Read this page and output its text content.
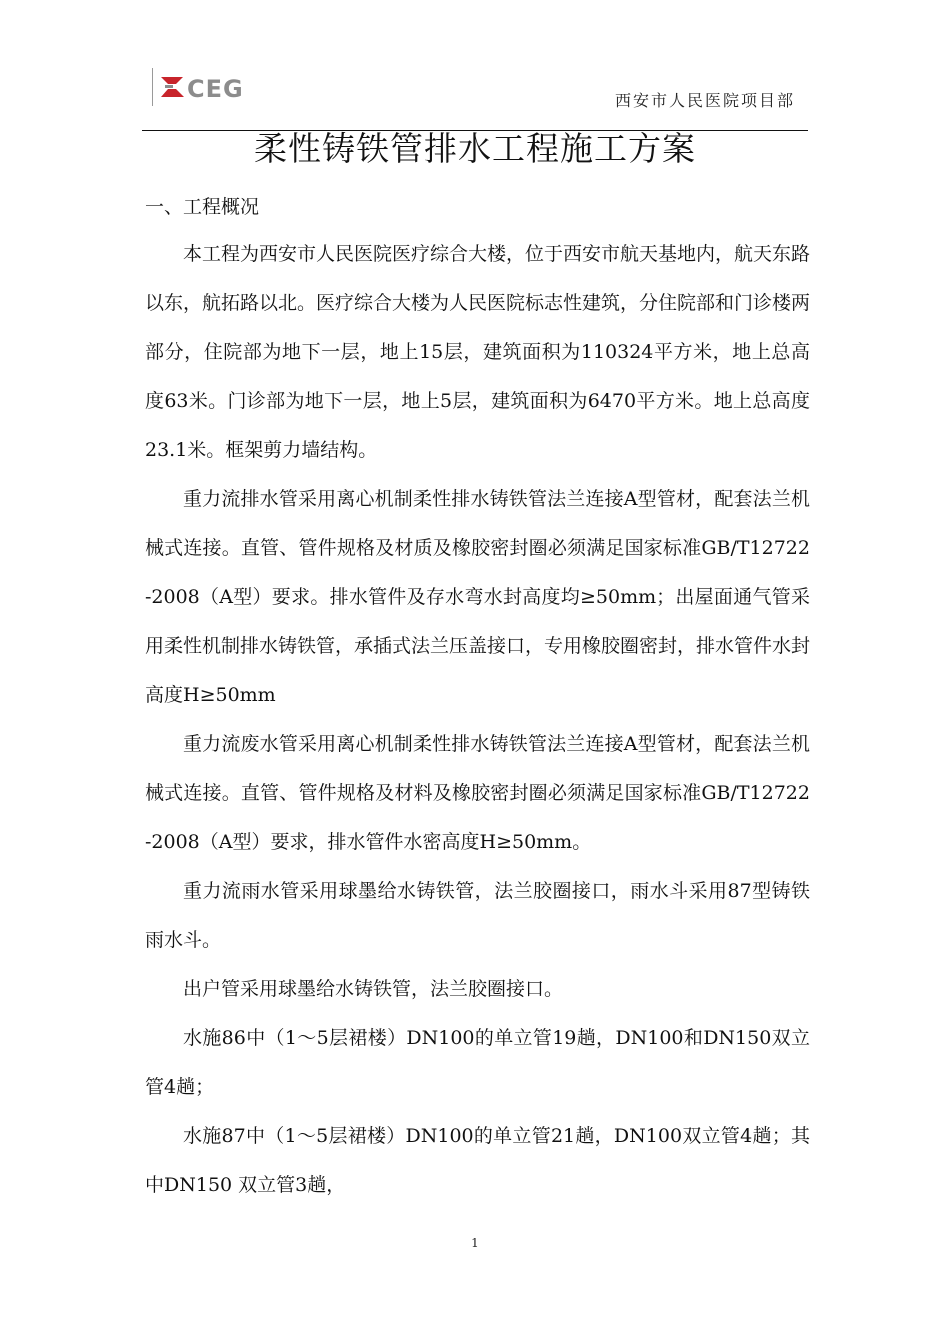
CEG	西安市人民医院项目部
柔性铸铁管排水工程施工方案
一、工程概况

本工程为西安市人民医院医疗综合大楼，位于西安市航天基地内，航天东路以东，航拓路以北。医疗综合大楼为人民医院标志性建筑，分住院部和门诊楼两部分，住院部为地下一层，地上15层，建筑面积为110324平方米，地上总高度63米。门诊部为地下一层，地上5层，建筑面积为6470平方米。地上总高度23.1米。框架剪力墙结构。

重力流排水管采用离心机制柔性排水铸铁管法兰连接A型管材，配套法兰机械式连接。直管、管件规格及材质及橡胶密封圈必须满足国家标准GB/T12722-2008（A型）要求。排水管件及存水弯水封高度均≥50mm；出屋面通气管采用柔性机制排水铸铁管，承插式法兰压盖接口，专用橡胶圈密封，排水管件水封高度H≥50mm

重力流废水管采用离心机制柔性排水铸铁管法兰连接A型管材，配套法兰机械式连接。直管、管件规格及材料及橡胶密封圈必须满足国家标准GB/T12722-2008（A型）要求，排水管件水密高度H≥50mm。

重力流雨水管采用球墨给水铸铁管，法兰胶圈接口，雨水斗采用87型铸铁雨水斗。

出户管采用球墨给水铸铁管，法兰胶圈接口。

水施86中（1～5层裙楼）DN100的单立管19趟，DN100和DN150双立管4趟；

水施87中（1～5层裙楼）DN100的单立管21趟，DN100双立管4趟；其中DN150 双立管3趟，

1
